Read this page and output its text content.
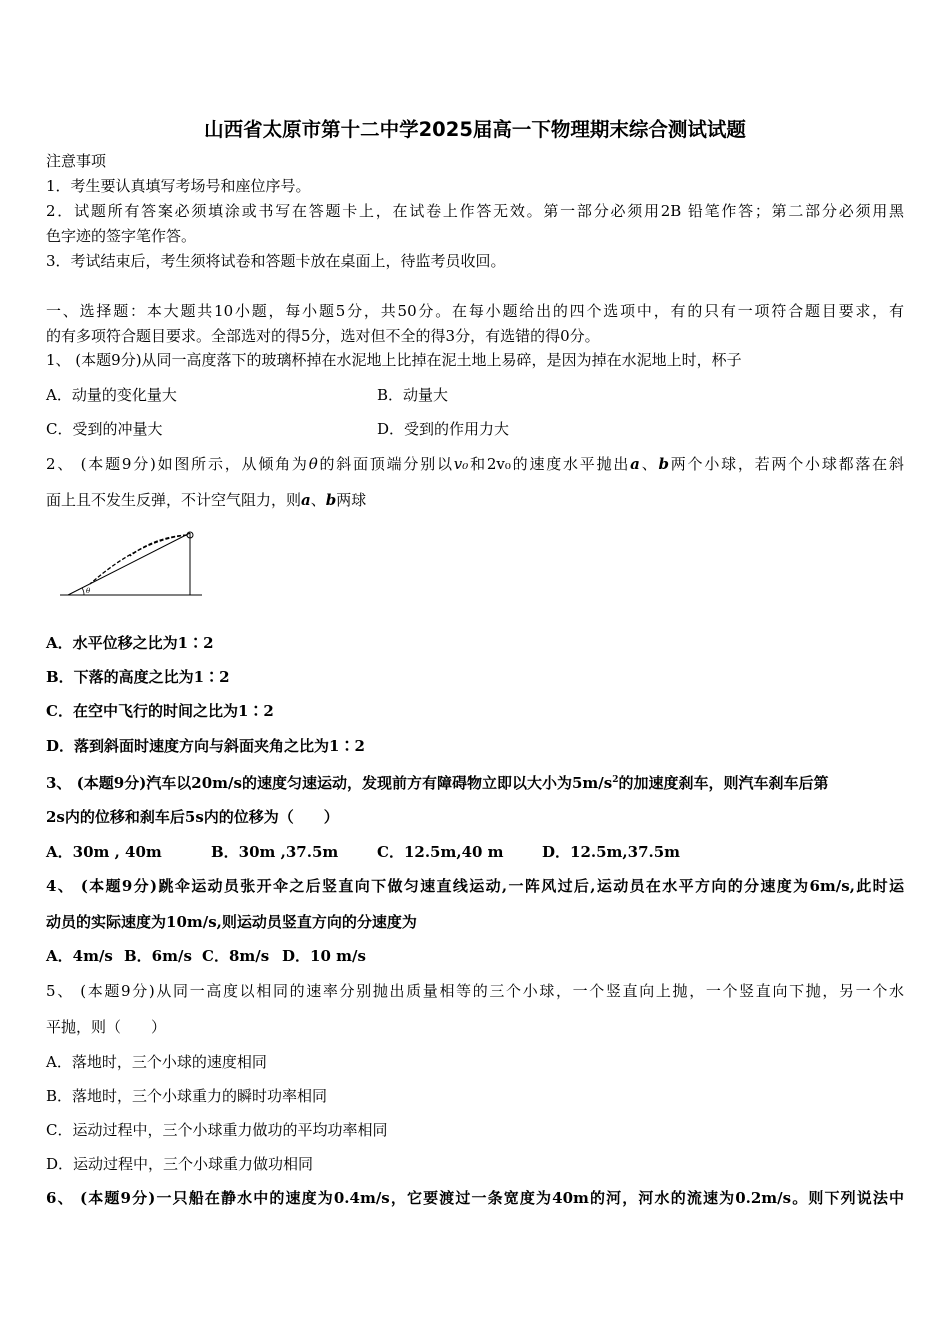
山西省太原市第十二中学2025届高一下物理期末综合测试试题
注意事项
1．考生要认真填写考场号和座位序号。
2．试题所有答案必须填涂或书写在答题卡上，在试卷上作答无效。第一部分必须用2B 铅笔作答；第二部分必须用黑
色字迹的签字笔作答。
3．考试结束后，考生须将试卷和答题卡放在桌面上，待监考员收回。
一、选择题：本大题共10小题，每小题5分，共50分。在每小题给出的四个选项中，有的只有一项符合题目要求，有
的有多项符合题目要求。全部选对的得5分，选对但不全的得3分，有选错的得0分。
1、 (本题9分)从同一高度落下的玻璃杯掉在水泥地上比掉在泥土地上易碎，是因为掉在水泥地上时，杯子
A．动量的变化量大	B．动量大
C．受到的冲量大	D．受到的作用力大
2、 (本题9分)如图所示，从倾角为θ的斜面顶端分别以v₀和2v₀的速度水平抛出a、b两个小球，若两个小球都落在斜
面上且不发生反弹，不计空气阻力，则a、b两球
θ
A．水平位移之比为1∶2
B．下落的高度之比为1∶2
C．在空中飞行的时间之比为1∶2
D．落到斜面时速度方向与斜面夹角之比为1∶2
3、 (本题9分)汽车以20m/s的速度匀速运动，发现前方有障碍物立即以大小为$5m/s^2$的加速度刹车，则汽车刹车后第
2s内的位移和刹车后5s内的位移为（　　）
A．30m , 40m	B．30m ,37.5m	C．12.5m,40 m	D．12.5m,37.5m
4、 (本题9分)跳伞运动员张开伞之后竖直向下做匀速直线运动,一阵风过后,运动员在水平方向的分速度为6m/s,此时运
动员的实际速度为10m/s,则运动员竖直方向的分速度为
A．4m/s B．6m/s C．8m/s D．10 m/s
5、 (本题9分)从同一高度以相同的速率分别抛出质量相等的三个小球，一个竖直向上抛，一个竖直向下抛，另一个水
平抛，则（　　）
A．落地时，三个小球的速度相同
B．落地时，三个小球重力的瞬时功率相同
C．运动过程中，三个小球重力做功的平均功率相同
D．运动过程中，三个小球重力做功相同
6、 (本题9分)一只船在静水中的速度为0.4m/s，它要渡过一条宽度为40m的河，河水的流速为0.2m/s。则下列说法中
